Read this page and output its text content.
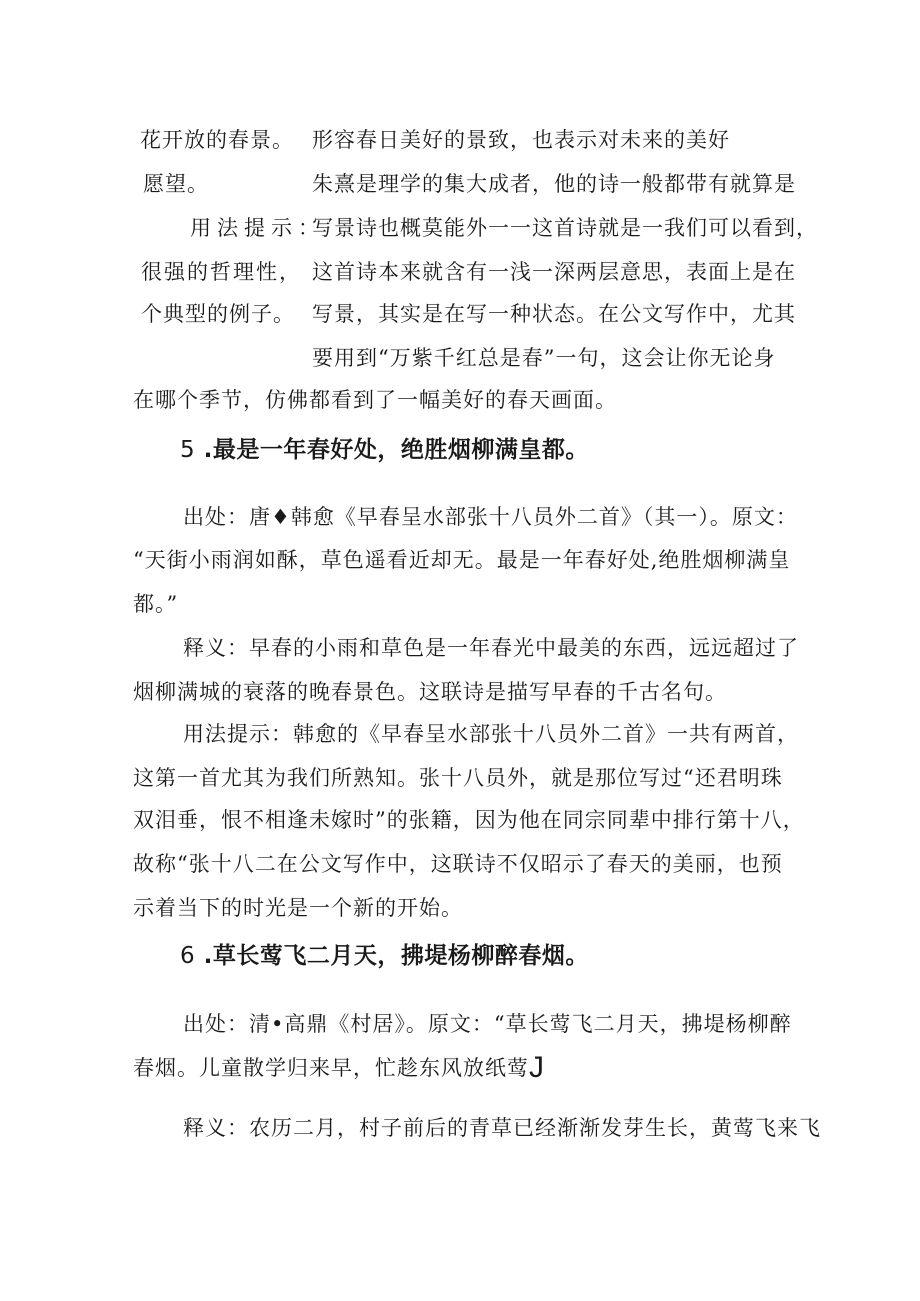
花开放的春景。
愿望。
用法提示：
很强的哲理性，
个典型的例子。
形容春日美好的景致，也表示对未来的美好
朱熹是理学的集大成者，他的诗一般都带有就算是
写景诗也概莫能外一一这首诗就是一我们可以看到，
这首诗本来就含有一浅一深两层意思，表面上是在
写景，其实是在写一种状态。在公文写作中，尤其
要用到“万紫千红总是春”一句，这会让你无论身
在哪个季节，仿佛都看到了一幅美好的春天画面。
5 .最是一年春好处，绝胜烟柳满皇都。
出处：唐♦韩愈《早春呈水部张十八员外二首》（其一）。原文：
“天街小雨润如酥，草色遥看近却无。最是一年春好处,绝胜烟柳满皇
都。”
释义：早春的小雨和草色是一年春光中最美的东西，远远超过了
烟柳满城的衰落的晚春景色。这联诗是描写早春的千古名句。
用法提示：韩愈的《早春呈水部张十八员外二首》一共有两首，
这第一首尤其为我们所熟知。张十八员外，就是那位写过“还君明珠
双泪垂，恨不相逢未嫁时”的张籍，因为他在同宗同辈中排行第十八，
故称“张十八二在公文写作中，这联诗不仅昭示了春天的美丽，也预
示着当下的时光是一个新的开始。
6 .草长莺飞二月天，拂堤杨柳醉春烟。
出处：清•高鼎《村居》。原文：“草长莺飞二月天，拂堤杨柳醉
春烟。儿童散学归来早，忙趁东风放纸莺J
释义：农历二月，村子前后的青草已经渐渐发芽生长，黄莺飞来飞
